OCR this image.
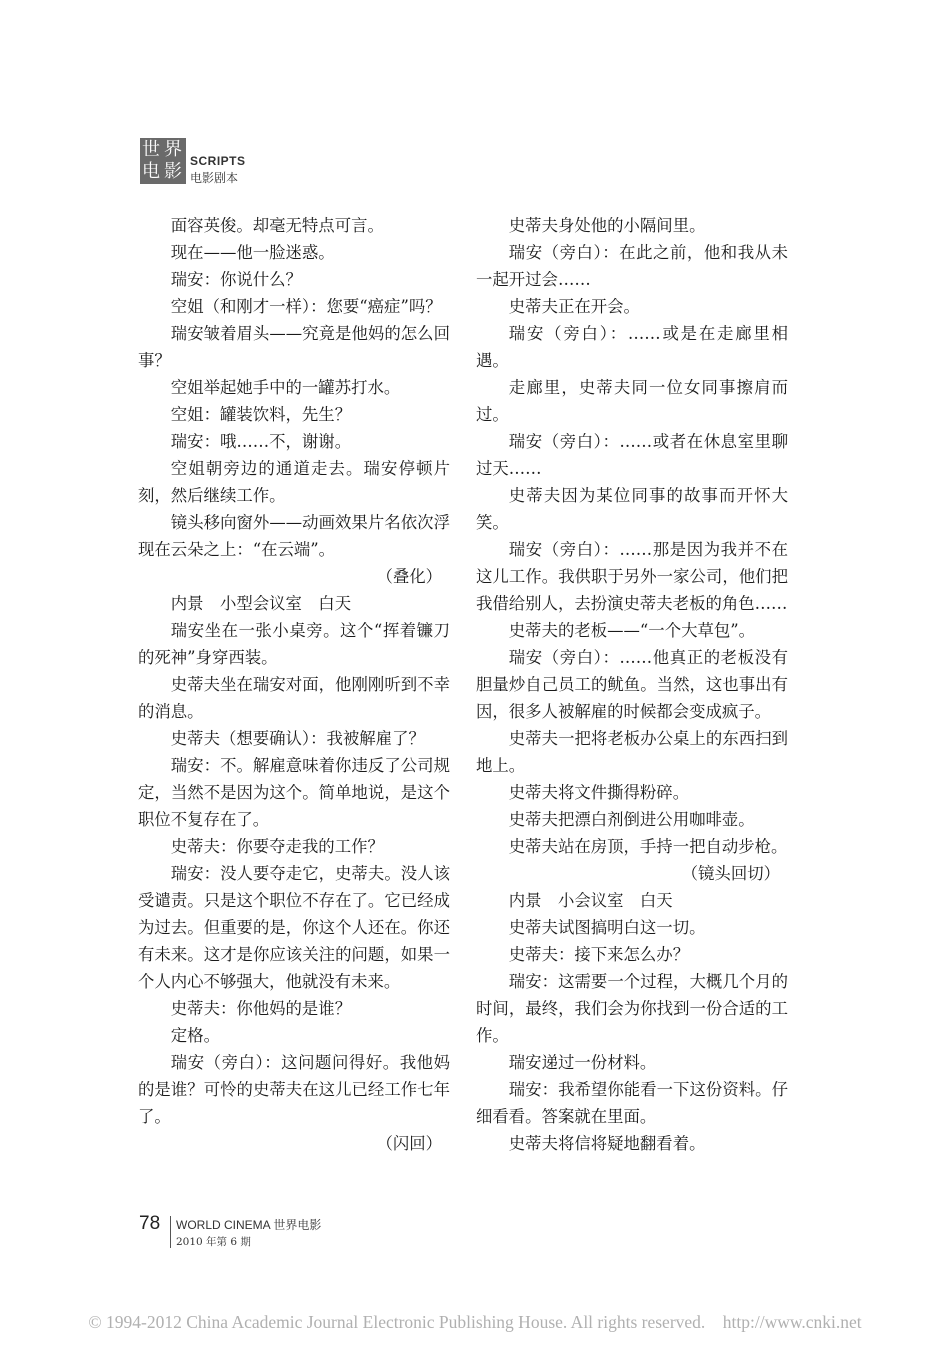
世 界
电 影 SCRIPTS
电影剧本

面容英俊。却毫无特点可言。

现在——他一脸迷惑。

瑞安：你说什么？

空姐（和刚才一样）：您要“癌症”吗？

瑞安皱着眉头——究竟是他妈的怎么回事？

空姐举起她手中的一罐苏打水。

空姐：罐装饮料，先生？

瑞安：哦……不，谢谢。

空姐朝旁边的通道走去。瑞安停顿片刻，然后继续工作。

镜头移向窗外——动画效果片名依次浮现在云朵之上：“在云端”。

（叠化）

内景　小型会议室　白天

瑞安坐在一张小桌旁。这个“挥着镰刀的死神”身穿西装。

史蒂夫坐在瑞安对面，他刚刚听到不幸的消息。

史蒂夫（想要确认）：我被解雇了？

瑞安：不。解雇意味着你违反了公司规定，当然不是因为这个。简单地说，是这个职位不复存在了。

史蒂夫：你要夺走我的工作？

瑞安：没人要夺走它，史蒂夫。没人该受谴责。只是这个职位不存在了。它已经成为过去。但重要的是，你这个人还在。你还有未来。这才是你应该关注的问题，如果一个人内心不够强大，他就没有未来。

史蒂夫：你他妈的是谁？

定格。

瑞安（旁白）：这问题问得好。我他妈的是谁？可怜的史蒂夫在这儿已经工作七年了。

（闪回）

史蒂夫身处他的小隔间里。

瑞安（旁白）：在此之前，他和我从未一起开过会……

史蒂夫正在开会。

瑞安（旁白）：……或是在走廊里相遇。

走廊里，史蒂夫同一位女同事擦肩而过。

瑞安（旁白）：……或者在休息室里聊过天……

史蒂夫因为某位同事的故事而开怀大笑。

瑞安（旁白）：……那是因为我并不在这儿工作。我供职于另外一家公司，他们把我借给别人，去扮演史蒂夫老板的角色……

史蒂夫的老板——“一个大草包”。

瑞安（旁白）：……他真正的老板没有胆量炒自己员工的鱿鱼。当然，这也事出有因，很多人被解雇的时候都会变成疯子。

史蒂夫一把将老板办公桌上的东西扫到地上。

史蒂夫将文件撕得粉碎。

史蒂夫把漂白剂倒进公用咖啡壶。

史蒂夫站在房顶，手持一把自动步枪。

（镜头回切）

内景　小会议室　白天

史蒂夫试图搞明白这一切。

史蒂夫：接下来怎么办？

瑞安：这需要一个过程，大概几个月的时间，最终，我们会为你找到一份合适的工作。

瑞安递过一份材料。

瑞安：我希望你能看一下这份资料。仔细看看。答案就在里面。

史蒂夫将信将疑地翻看着。

78 WORLD CINEMA 世界电影
2010 年第 6 期
© 1994-2012 China Academic Journal Electronic Publishing House. All rights reserved.　http://www.cnki.net
